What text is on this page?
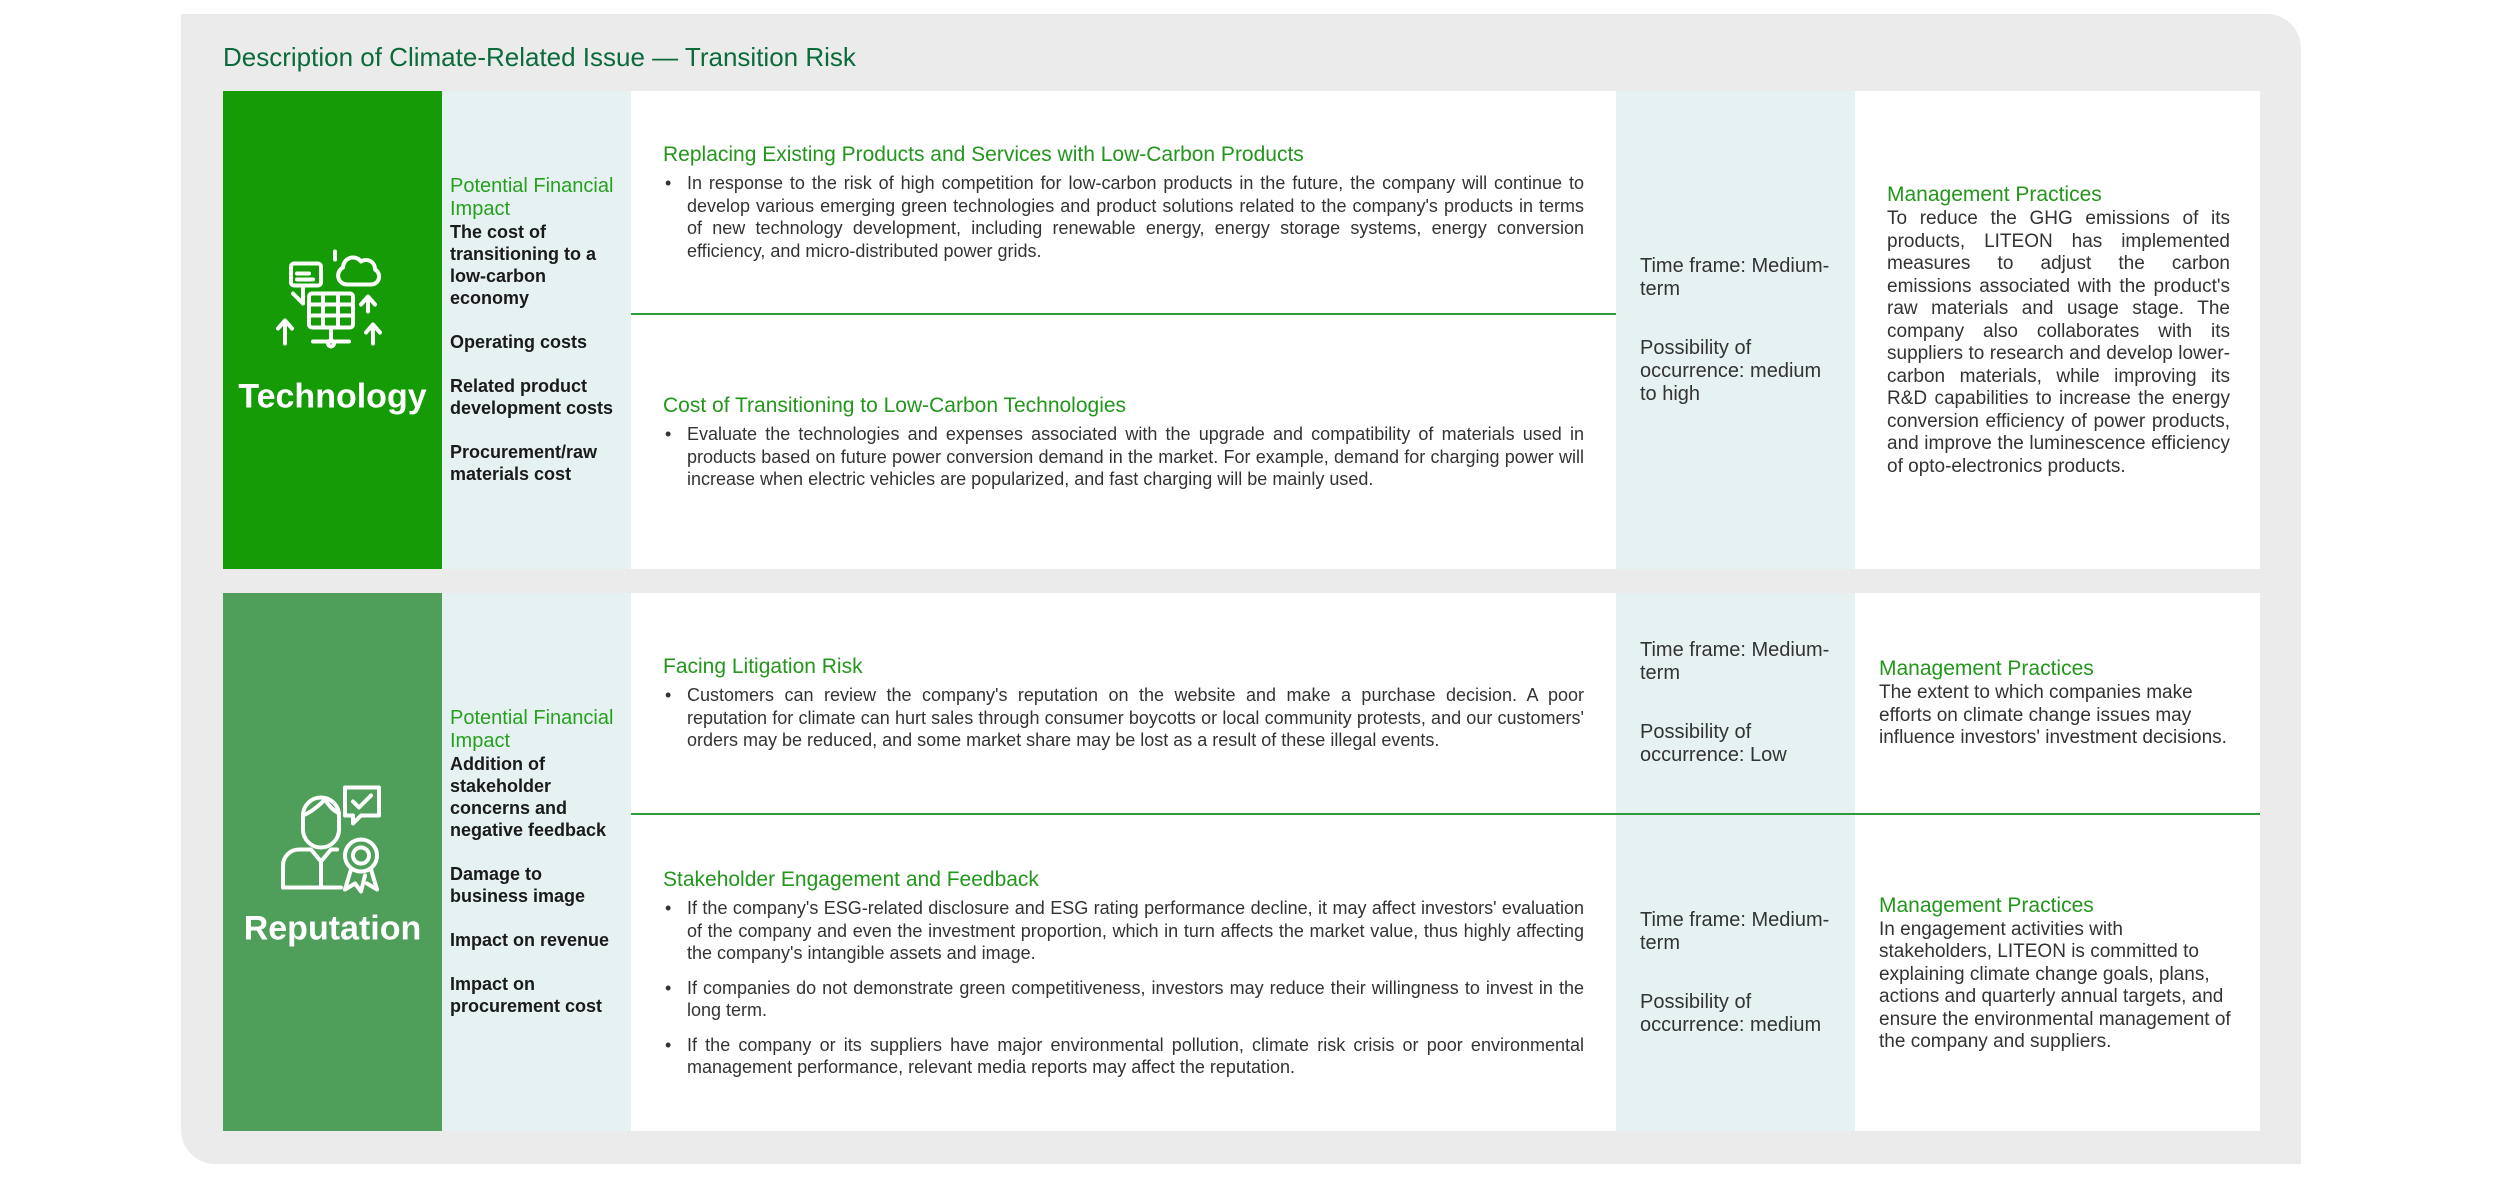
Description of Climate-Related Issue — Transition Risk
Technology
Potential Financial Impact
The cost of transitioning to a low-carbon economy
Operating costs
Related product development costs
Procurement/raw materials cost
Replacing Existing Products and Services with Low-Carbon Products
• In response to the risk of high competition for low-carbon products in the future, the company will continue to develop various emerging green technologies and product solutions related to the company's products in terms of new technology development, including renewable energy, energy storage systems, energy conversion efficiency, and micro-distributed power grids.
Cost of Transitioning to Low-Carbon Technologies
• Evaluate the technologies and expenses associated with the upgrade and compatibility of materials used in products based on future power conversion demand in the market. For example, demand for charging power will increase when electric vehicles are popularized, and fast charging will be mainly used.
Time frame: Medium-term
Possibility of occurrence: medium to high
Management Practices
To reduce the GHG emissions of its products, LITEON has implemented measures to adjust the carbon emissions associated with the product's raw materials and usage stage. The company also collaborates with its suppliers to research and develop lower-carbon materials, while improving its R&D capabilities to increase the energy conversion efficiency of power products, and improve the luminescence efficiency of opto-electronics products.
Reputation
Potential Financial Impact
Addition of stakeholder concerns and negative feedback
Damage to business image
Impact on revenue
Impact on procurement cost
Facing Litigation Risk
• Customers can review the company's reputation on the website and make a purchase decision. A poor reputation for climate can hurt sales through consumer boycotts or local community protests, and our customers' orders may be reduced, and some market share may be lost as a result of these illegal events.
Stakeholder Engagement and Feedback
• If the company's ESG-related disclosure and ESG rating performance decline, it may affect investors' evaluation of the company and even the investment proportion, which in turn affects the market value, thus highly affecting the company's intangible assets and image.
• If companies do not demonstrate green competitiveness, investors may reduce their willingness to invest in the long term.
• If the company or its suppliers have major environmental pollution, climate risk crisis or poor environmental management performance, relevant media reports may affect the reputation.
Time frame: Medium-term
Possibility of occurrence: Low
Time frame: Medium-term
Possibility of occurrence: medium
Management Practices
The extent to which companies make efforts on climate change issues may influence investors' investment decisions.
Management Practices
In engagement activities with stakeholders, LITEON is committed to explaining climate change goals, plans, actions and quarterly annual targets, and ensure the environmental management of the company and suppliers.
